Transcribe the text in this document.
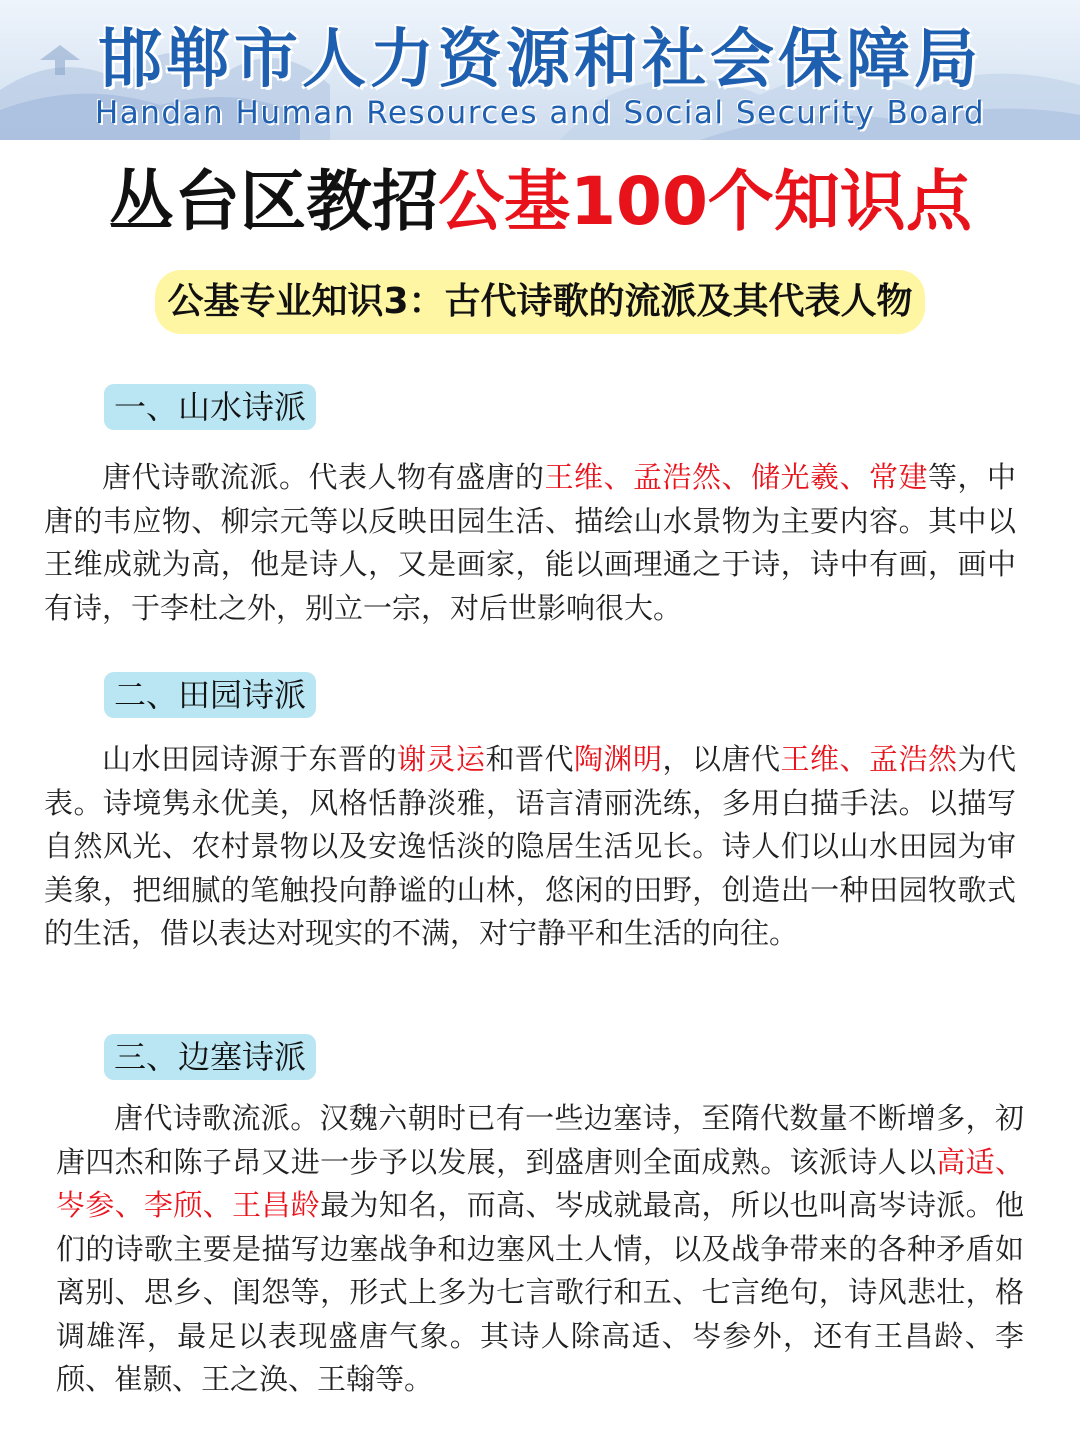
邯郸市人力资源和社会保障局
Handan Human Resources and Social Security Board
丛台区教招公基100个知识点
公基专业知识3：古代诗歌的流派及其代表人物
一、山水诗派
唐代诗歌流派。代表人物有盛唐的王维、孟浩然、储光羲、常建等，中唐的韦应物、柳宗元等以反映田园生活、描绘山水景物为主要内容。其中以王维成就为高，他是诗人，又是画家，能以画理通之于诗，诗中有画，画中有诗，于李杜之外，别立一宗，对后世影响很大。
二、田园诗派
山水田园诗源于东晋的谢灵运和晋代陶渊明，以唐代王维、孟浩然为代表。诗境隽永优美，风格恬静淡雅，语言清丽洗练，多用白描手法。以描写自然风光、农村景物以及安逸恬淡的隐居生活见长。诗人们以山水田园为审美象，把细腻的笔触投向静谧的山林，悠闲的田野，创造出一种田园牧歌式的生活，借以表达对现实的不满，对宁静平和生活的向往。
三、边塞诗派
唐代诗歌流派。汉魏六朝时已有一些边塞诗，至隋代数量不断增多，初唐四杰和陈子昂又进一步予以发展，到盛唐则全面成熟。该派诗人以高适、岑参、李颀、王昌龄最为知名，而高、岑成就最高，所以也叫高岑诗派。他们的诗歌主要是描写边塞战争和边塞风土人情，以及战争带来的各种矛盾如离别、思乡、闺怨等，形式上多为七言歌行和五、七言绝句，诗风悲壮，格调雄浑，最足以表现盛唐气象。其诗人除高适、岑参外，还有王昌龄、李颀、崔颢、王之涣、王翰等。
